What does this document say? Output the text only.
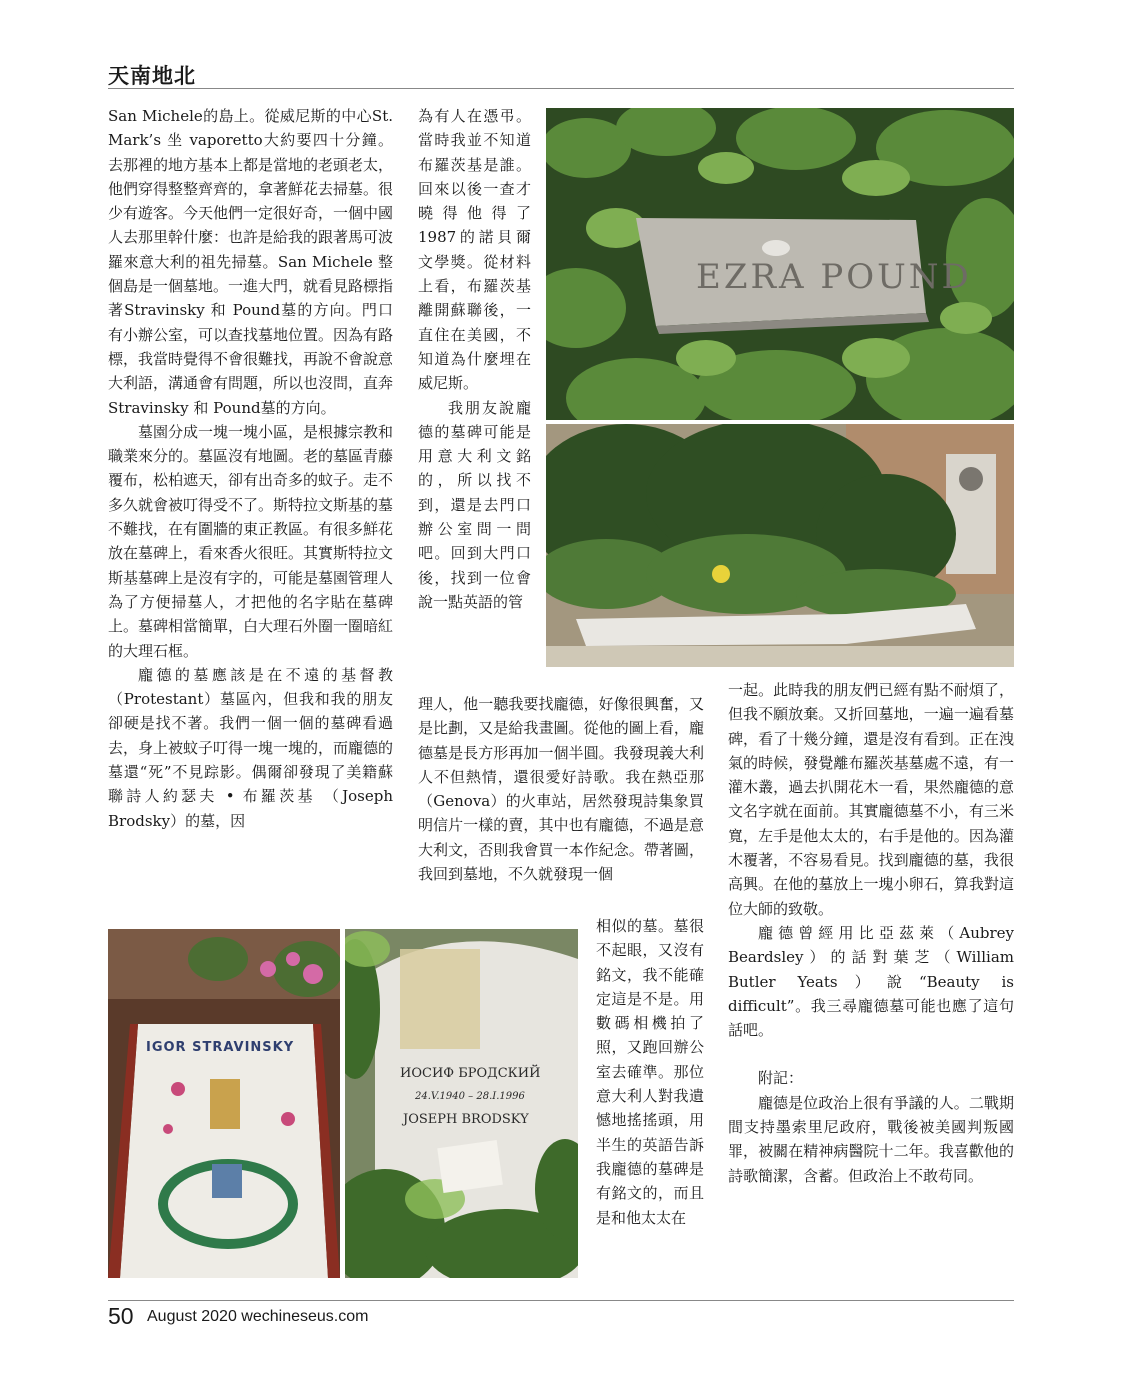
天南地北

San Michele的島上。從威尼斯的中心St. Mark’s 坐 vaporetto大約要四十分鐘。去那裡的地方基本上都是當地的老頭老太，他們穿得整整齊齊的，拿著鮮花去掃墓。很少有遊客。今天他們一定很好奇，一個中國人去那里幹什麼：也許是給我的跟著馬可波羅來意大利的祖先掃墓。San Michele 整個島是一個墓地。一進大門，就看見路標指著Stravinsky 和 Pound墓的方向。門口有小辦公室，可以查找墓地位置。因為有路標，我當時覺得不會很難找，再說不會說意大利語，溝通會有問題，所以也沒問，直奔Stravinsky 和 Pound墓的方向。

墓園分成一塊一塊小區，是根據宗教和職業來分的。墓區沒有地圖。老的墓區青藤覆布，松柏遮天，卻有出奇多的蚊子。走不多久就會被叮得受不了。斯特拉文斯基的墓不難找，在有圍牆的東正教區。有很多鮮花放在墓碑上，看來香火很旺。其實斯特拉文斯基墓碑上是沒有字的，可能是墓園管理人為了方便掃墓人，才把他的名字貼在墓碑上。墓碑相當簡單，白大理石外圈一圈暗紅的大理石框。

龐德的墓應該是在不遠的基督教（Protestant）墓區內，但我和我的朋友卻硬是找不著。我們一個一個的墓碑看過去，身上被蚊子叮得一塊一塊的，而龐德的墓還“死”不見踪影。偶爾卻發現了美籍蘇聯詩人約瑟夫 • 布羅茨基 （Joseph Brodsky）的墓，因

為有人在憑弔。當時我並不知道布羅茨基是誰。回來以後一查才曉得他得了1987的諾貝爾文學獎。從材料上看，布羅茨基離開蘇聯後，一直住在美國，不知道為什麼埋在威尼斯。

我朋友說龐德的墓碑可能是用意大利文銘的，所以找不到，還是去門口辦公室問一問吧。回到大門口後，找到一位會說一點英語的管

理人，他一聽我要找龐德，好像很興奮，又是比劃，又是給我畫圖。從他的圖上看，龐德墓是長方形再加一個半圓。我發現義大利人不但熱情，還很愛好詩歌。我在熱亞那（Genova）的火車站，居然發現詩集象買明信片一樣的賣，其中也有龐德，不過是意大利文，否則我會買一本作紀念。帶著圖，我回到墓地，不久就發現一個

相似的墓。墓很不起眼，又沒有銘文，我不能確定這是不是。用數碼相機拍了照，又跑回辦公室去確準。那位意大利人對我遺憾地搖搖頭，用半生的英語告訴我龐德的墓碑是有銘文的，而且是和他太太在

一起。此時我的朋友們已經有點不耐煩了，但我不願放棄。又折回墓地，一遍一遍看墓碑，看了十幾分鐘，還是沒有看到。正在洩氣的時候，發覺離布羅茨基墓處不遠，有一灌木叢，過去扒開花木一看，果然龐德的意文名字就在面前。其實龐德墓不小，有三米寬，左手是他太太的，右手是他的。因為灌木覆著，不容易看見。找到龐德的墓，我很高興。在他的墓放上一塊小卵石，算我對這位大師的致敬。

龐德曾經用比亞茲萊（Aubrey Beardsley）的話對葉芝（William Butler Yeats）說“Beauty is difficult”。我三尋龐德墓可能也應了這句話吧。

附記：

龐德是位政治上很有爭議的人。二戰期間支持墨索里尼政府，戰後被美國判叛國罪，被關在精神病醫院十二年。我喜歡他的詩歌簡潔，含蓄。但政治上不敢苟同。

EZRA POUND
IGOR STRAVINSKY
ИОСИФ БРОДСКИЙ
24.V.1940 – 28.I.1996
JOSEPH BRODSKY
50 August 2020 wechineseus.com
